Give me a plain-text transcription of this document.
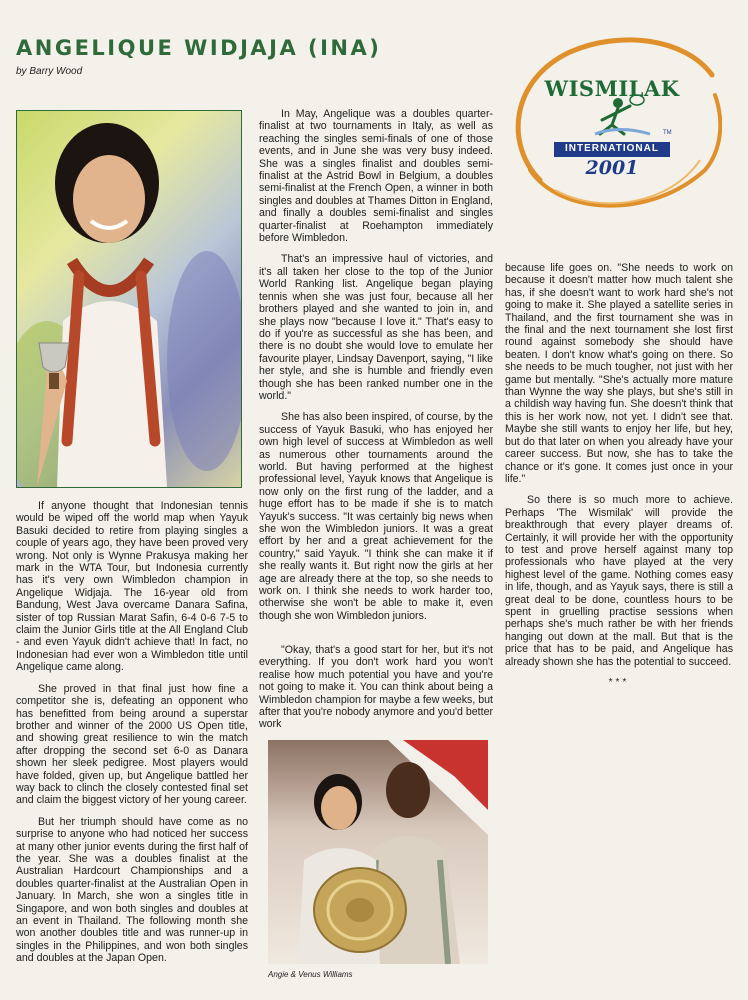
ANGELIQUE WIDJAJA (INA)

by Barry Wood

TM
WISMILAK
INTERNATIONAL
2001

If anyone thought that Indonesian tennis would be wiped off the world map when Yayuk Basuki decided to retire from playing singles a couple of years ago, they have been proved very wrong. Not only is Wynne Prakusya making her mark in the WTA Tour, but Indonesia currently has it's very own Wimbledon champion in Angelique Widjaja. The 16-year old from Bandung, West Java overcame Danara Safina, sister of top Russian Marat Safin, 6-4 0-6 7-5 to claim the Junior Girls title at the All England Club - and even Yayuk didn't achieve that! In fact, no Indonesian had ever won a Wimbledon title until Angelique came along.

She proved in that final just how fine a competitor she is, defeating an opponent who has benefitted from being around a superstar brother and winner of the 2000 US Open title, and showing great resilience to win the match after dropping the second set 6-0 as Danara shown her sleek pedigree. Most players would have folded, given up, but Angelique battled her way back to clinch the closely contested final set and claim the biggest victory of her young career.

But her triumph should have come as no surprise to anyone who had noticed her success at many other junior events during the first half of the year. She was a doubles finalist at the Australian Hardcourt Championships and a doubles quarter-finalist at the Australian Open in January. In March, she won a singles title in Singapore, and won both singles and doubles at an event in Thailand. The following month she won another doubles title and was runner-up in singles in the Philippines, and won both singles and doubles at the Japan Open.

In May, Angelique was a doubles quarter-finalist at two tournaments in Italy, as well as reaching the singles semi-finals of one of those events, and in June she was very busy indeed. She was a singles finalist and doubles semi-finalist at the Astrid Bowl in Belgium, a doubles semi-finalist at the French Open, a winner in both singles and doubles at Thames Ditton in England, and finally a doubles semi-finalist and singles quarter-finalist at Roehampton immediately before Wimbledon.

That's an impressive haul of victories, and it's all taken her close to the top of the Junior World Ranking list. Angelique began playing tennis when she was just four, because all her brothers played and she wanted to join in, and she plays now "because I love it." That's easy to do if you're as successful as she has been, and there is no doubt she would love to emulate her favourite player, Lindsay Davenport, saying, "I like her style, and she is humble and friendly even though she has been ranked number one in the world."

She has also been inspired, of course, by the success of Yayuk Basuki, who has enjoyed her own high level of success at Wimbledon as well as numerous other tournaments around the world. But having performed at the highest professional level, Yayuk knows that Angelique is now only on the first rung of the ladder, and a huge effort has to be made if she is to match Yayuk's success. "It was certainly big news when she won the Wimbledon juniors. It was a great effort by her and a great achievement for the country," said Yayuk. "I think she can make it if she really wants it. But right now the girls at her age are already there at the top, so she needs to work on. I think she needs to work harder too, otherwise she won't be able to make it, even though she won Wimbledon juniors.

"Okay, that's a good start for her, but it's not everything. If you don't work hard you won't realise how much potential you have and you're not going to make it. You can think about being a Wimbledon champion for maybe a few weeks, but after that you're nobody anymore and you'd better work

because life goes on. "She needs to work on because it doesn't matter how much talent she has, if she doesn't want to work hard she's not going to make it. She played a satellite series in Thailand, and the first tournament she was in the final and the next tournament she lost first round against somebody she should have beaten. I don't know what's going on there. So she needs to be much tougher, not just with her game but mentally. "She's actually more mature than Wynne the way she plays, but she's still in a childish way having fun. She doesn't think that this is her work now, not yet. I didn't see that. Maybe she still wants to enjoy her life, but hey, but do that later on when you already have your career success. But now, she has to take the chance or it's gone. It comes just once in your life."

So there is so much more to achieve. Perhaps 'The Wismilak' will provide the breakthrough that every player dreams of. Certainly, it will provide her with the opportunity to test and prove herself against many top professionals who have played at the very highest level of the game. Nothing comes easy in life, though, and as Yayuk says, there is still a great deal to be done, countless hours to be spent in gruelling practise sessions when perhaps she's much rather be with her friends hanging out down at the mall. But that is the price that has to be paid, and Angelique has already shown she has the potential to succeed.

***

Angie & Venus Williams
